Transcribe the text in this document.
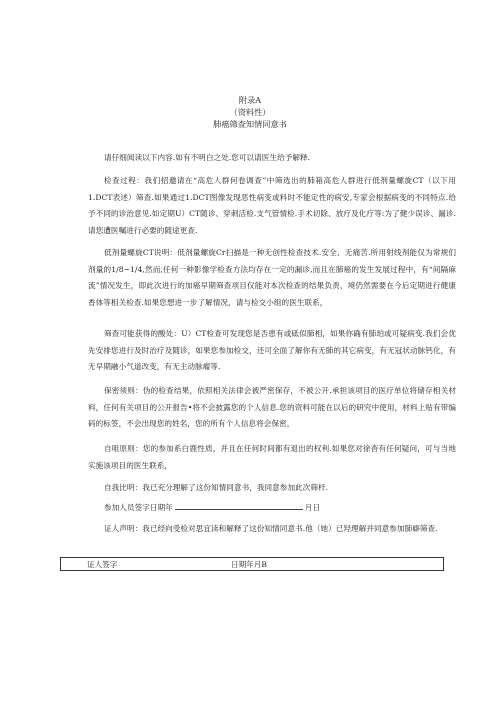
附录A
（资料性）
肺癌筛查知情同意书

请仔细阅读以下内容.如有不明白之处.您可以请医生给予解释.

检查过程：我们招邀请在“高危人群何卷调查”中筛选出的肺箱高危人群进行低剂量螺旋CT（以下用1.DCT表述）筛查.如果通过1.DCT图像发现恶性病变或料时不能定性的病安,专家会根据病变的不同特点.给予不同的诊治意见.如定期U）CT随诊、穿刺活检.支气管情检.手术切除、放疗及化疗等:为了健少误诊、漏诊.请您遭医嘱进行必要的随途更查.

低剂量螺旋CT说明：低剂量螺旋Cr扫描是一种无创性检查技术.安全、无痛苦.所用射线剂能仅为常规们剂量的1/8~1/4,然而,任何一种影像学检查方法均存在一定的漏诊,而且在肺癌的发生发展过程中，有“间隔麻流”情况发生，即此次进行的加癌早期筛查项目仅能对本次检查的结果负责，境仍然需要在今后定期进行健康香体等相关检查.如果您想进一步了解情况，请与检交小组的医生联系，

筛查可能获得的酸处：U）CT检查可发现您是否患有或砥似肺相，如果你确有肺珀或可疑病变.我们会优先安排您进行及时治疗及随诊，如果您参加检交，还可全面了解你有无肺的其它病变，有无冠状动脉钙化，有无早期融小气道改变，有无主动脉瘤等.

保密须则：伪的检查结果，依照相关法律会被严密保存，不被公开.承担该项目的医疗单位将储存相关材料，任何有关项目的公开报告•将不会披露您的个人信息.您的资料可能在以后的研究中使用，材料上贴有带编码的标签，不会出现您的姓名，您的所有个人信息将会保密，

自咀原则：您的参加系白鹿性质，并且在任何时间都有退出的权利.如果您对徐杳有任何疑问，可与当地实施该项目的医生联系，

自我比明：我已充分理解了这份知情同意书，我同意参加此次筛杆.

参加人员签字日期年	月日

证人声明：我已经向受检对思宜读和解释了这份知情同意书.他（她）已羟理解并同意参加肺癖筛查.

证人签字	日期年月B
